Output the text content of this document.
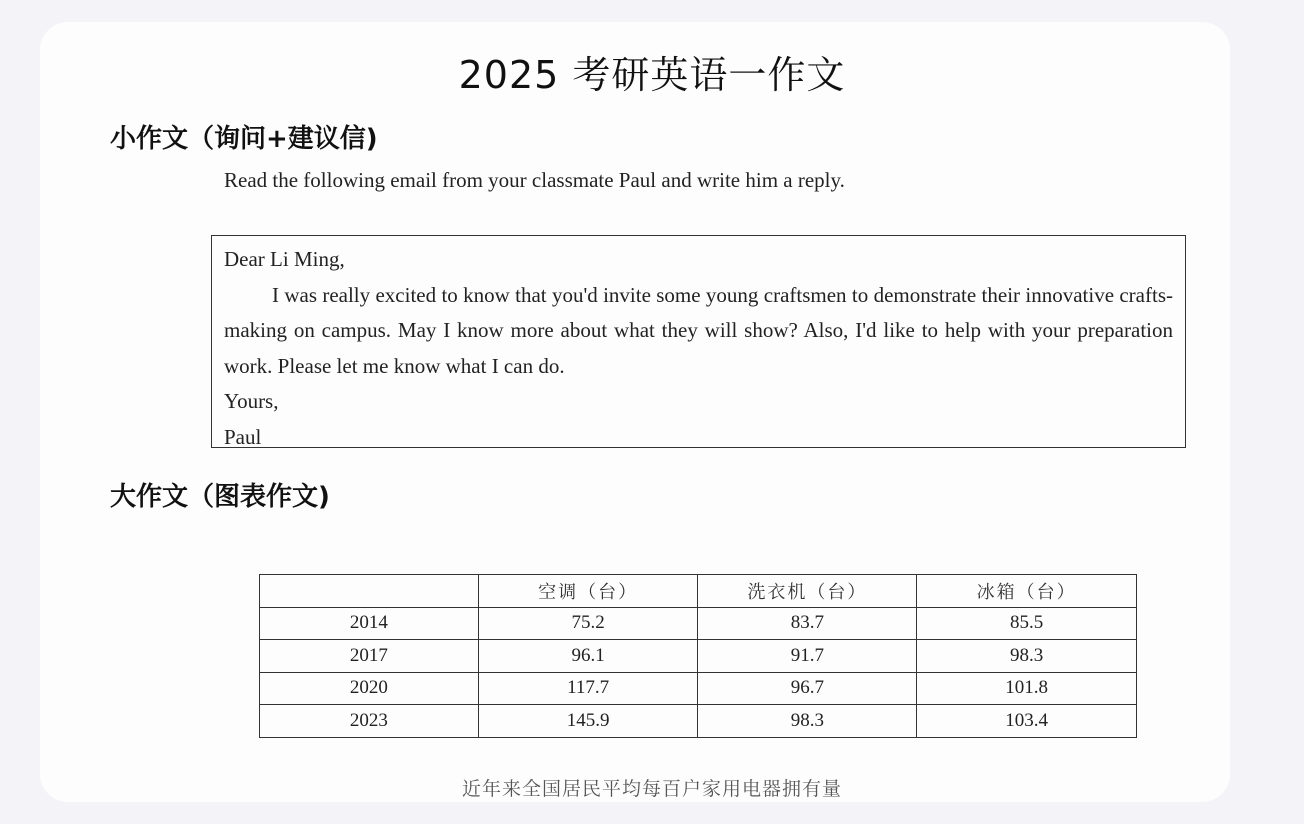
2025 考研英语一作文
小作文（询问+建议信)
Read the following email from your classmate Paul and write him a reply.
Dear Li Ming,
I was really excited to know that you'd invite some young craftsmen to demonstrate their innovative crafts-making on campus. May I know more about what they will show? Also, I'd like to help with your preparation work. Please let me know what I can do.
Yours,
Paul
大作文（图表作文)
	空调（台）	洗衣机（台）	冰箱（台）
2014	75.2	83.7	85.5
2017	96.1	91.7	98.3
2020	117.7	96.7	101.8
2023	145.9	98.3	103.4
近年来全国居民平均每百户家用电器拥有量
